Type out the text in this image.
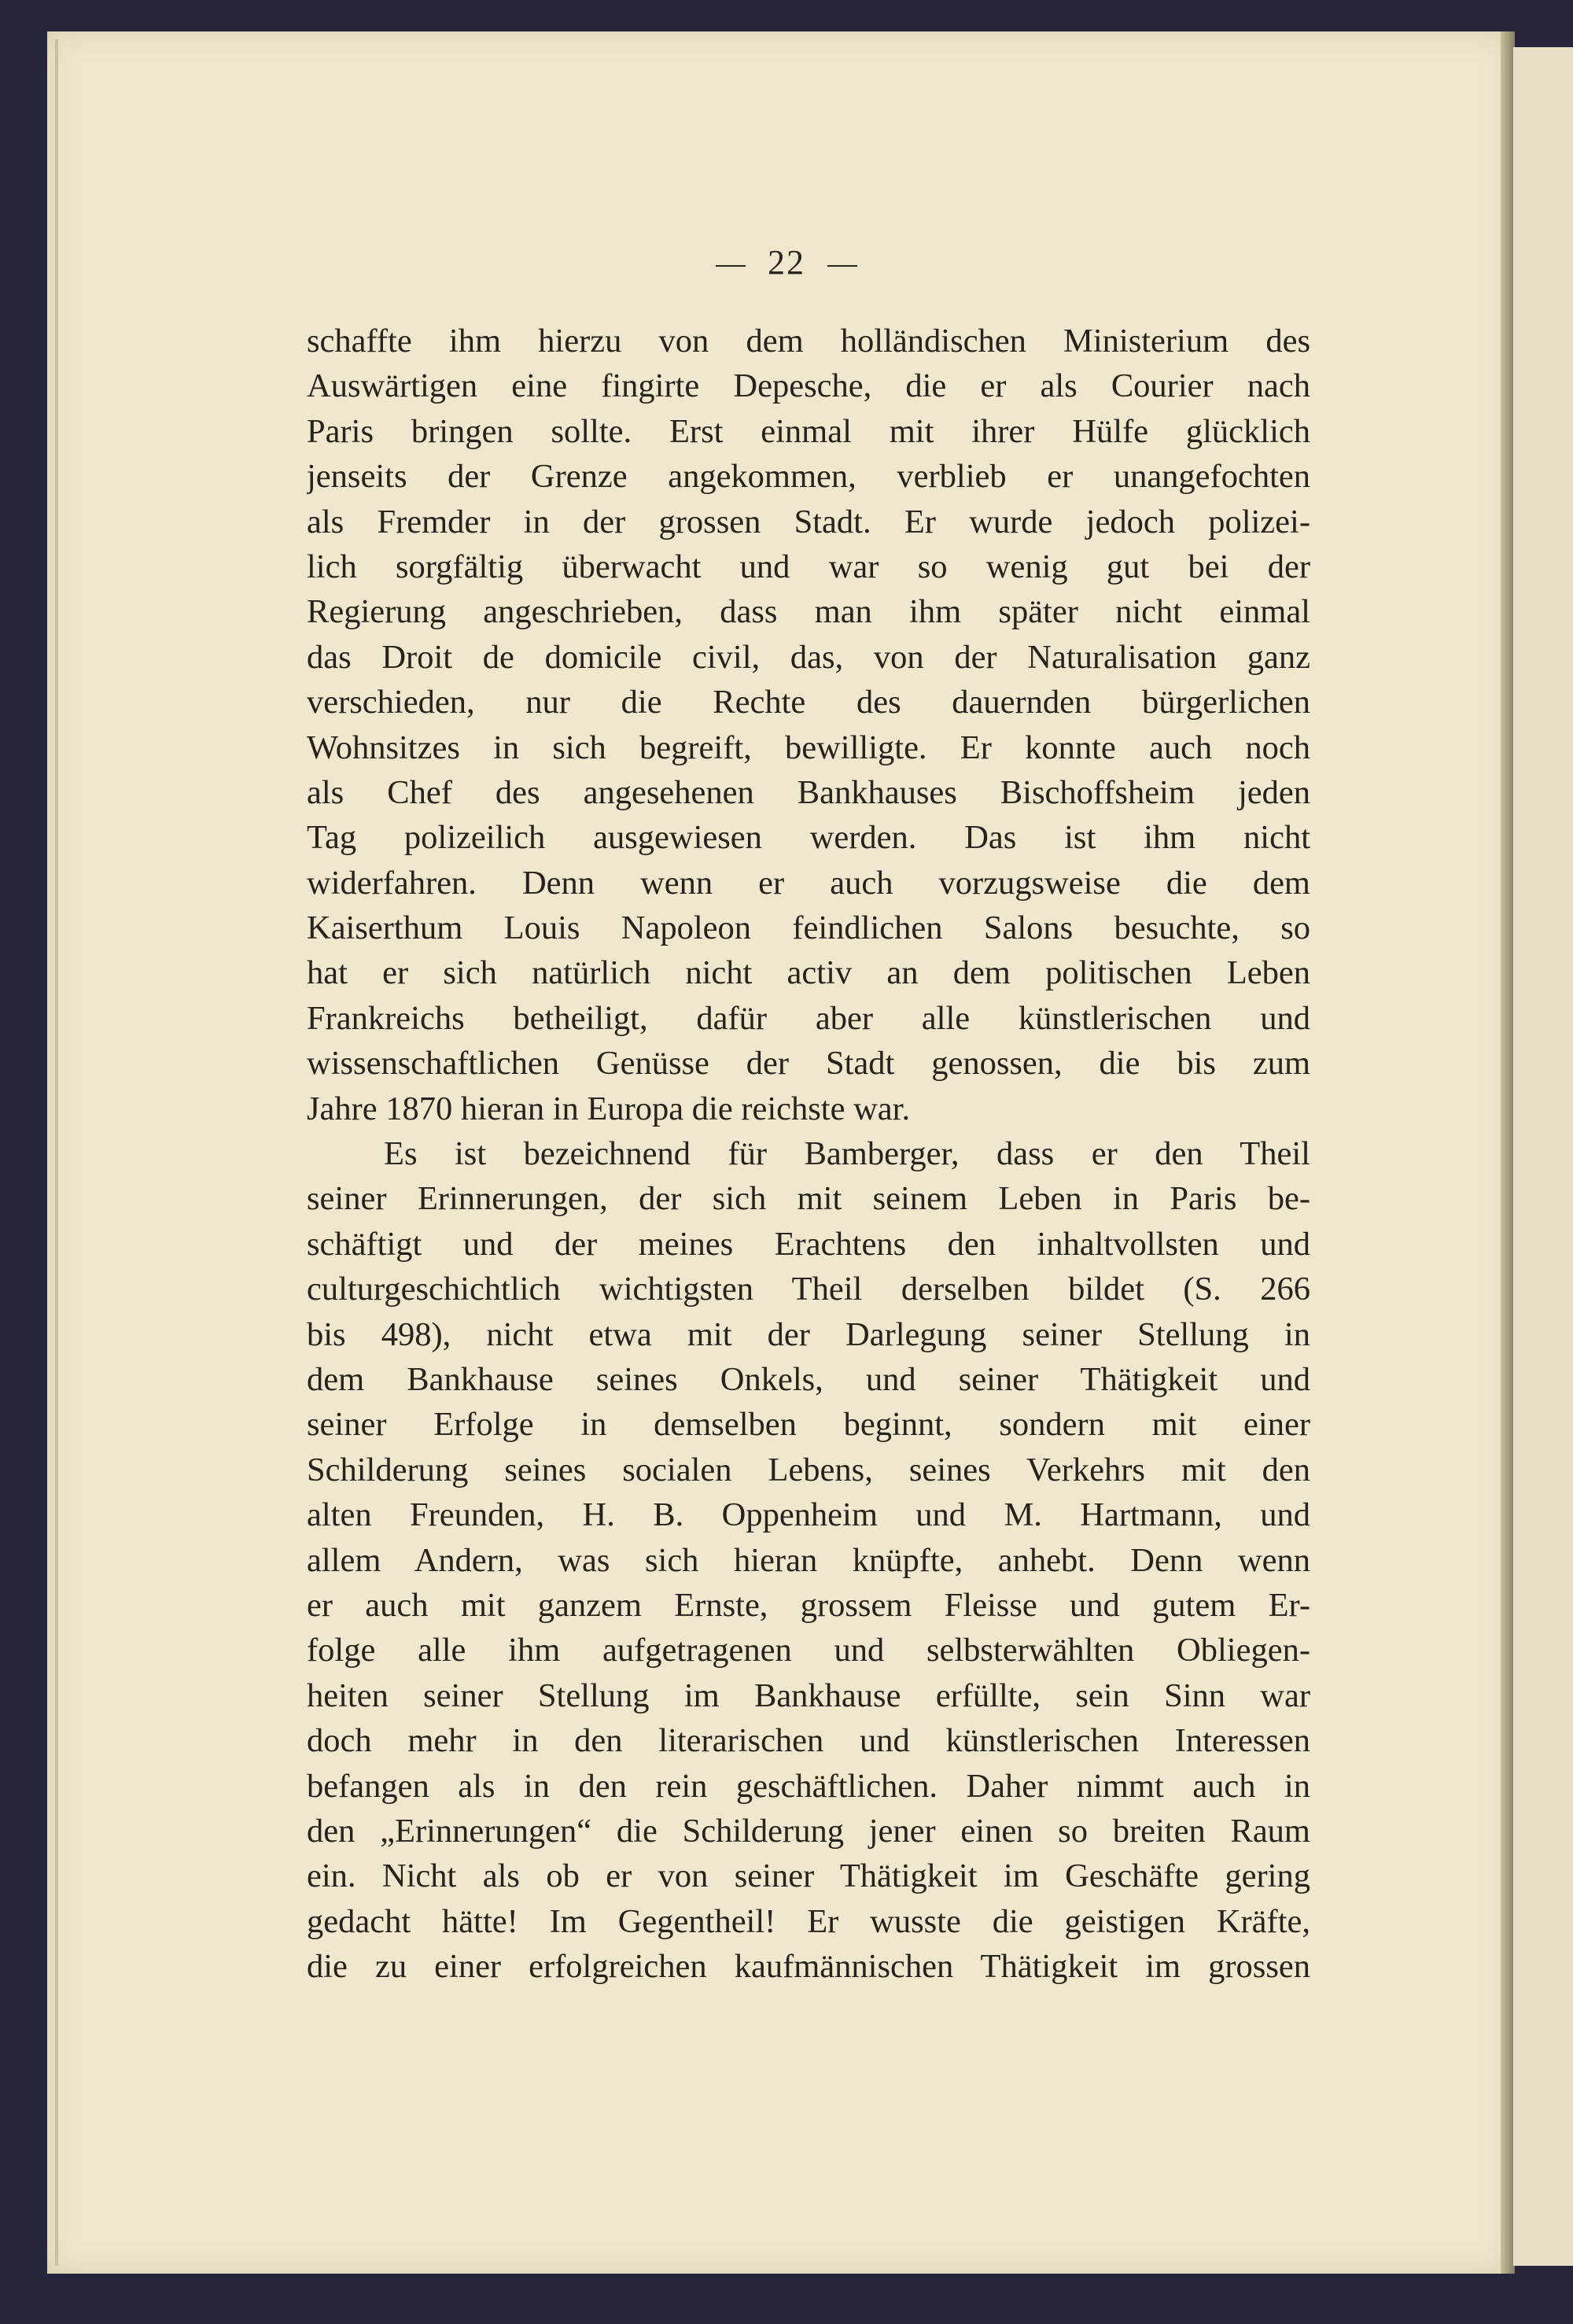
22
schaffte ihm hierzu von dem holländischen Ministerium des
Auswärtigen eine fingirte Depesche, die er als Courier nach
Paris bringen sollte. Erst einmal mit ihrer Hülfe glücklich
jenseits der Grenze angekommen, verblieb er unangefochten
als Fremder in der grossen Stadt. Er wurde jedoch polizei-
lich sorgfältig überwacht und war so wenig gut bei der
Regierung angeschrieben, dass man ihm später nicht einmal
das Droit de domicile civil, das, von der Naturalisation ganz
verschieden, nur die Rechte des dauernden bürgerlichen
Wohnsitzes in sich begreift, bewilligte. Er konnte auch noch
als Chef des angesehenen Bankhauses Bischoffsheim jeden
Tag polizeilich ausgewiesen werden. Das ist ihm nicht
widerfahren. Denn wenn er auch vorzugsweise die dem
Kaiserthum Louis Napoleon feindlichen Salons besuchte, so
hat er sich natürlich nicht activ an dem politischen Leben
Frankreichs betheiligt, dafür aber alle künstlerischen und
wissenschaftlichen Genüsse der Stadt genossen, die bis zum
Jahre 1870 hieran in Europa die reichste war.
Es ist bezeichnend für Bamberger, dass er den Theil
seiner Erinnerungen, der sich mit seinem Leben in Paris be-
schäftigt und der meines Erachtens den inhaltvollsten und
culturgeschichtlich wichtigsten Theil derselben bildet (S. 266
bis 498), nicht etwa mit der Darlegung seiner Stellung in
dem Bankhause seines Onkels, und seiner Thätigkeit und
seiner Erfolge in demselben beginnt, sondern mit einer
Schilderung seines socialen Lebens, seines Verkehrs mit den
alten Freunden, H. B. Oppenheim und M. Hartmann, und
allem Andern, was sich hieran knüpfte, anhebt. Denn wenn
er auch mit ganzem Ernste, grossem Fleisse und gutem Er-
folge alle ihm aufgetragenen und selbsterwählten Obliegen-
heiten seiner Stellung im Bankhause erfüllte, sein Sinn war
doch mehr in den literarischen und künstlerischen Interessen
befangen als in den rein geschäftlichen. Daher nimmt auch in
den „Erinnerungen“ die Schilderung jener einen so breiten Raum
ein. Nicht als ob er von seiner Thätigkeit im Geschäfte gering
gedacht hätte! Im Gegentheil! Er wusste die geistigen Kräfte,
die zu einer erfolgreichen kaufmännischen Thätigkeit im grossen
